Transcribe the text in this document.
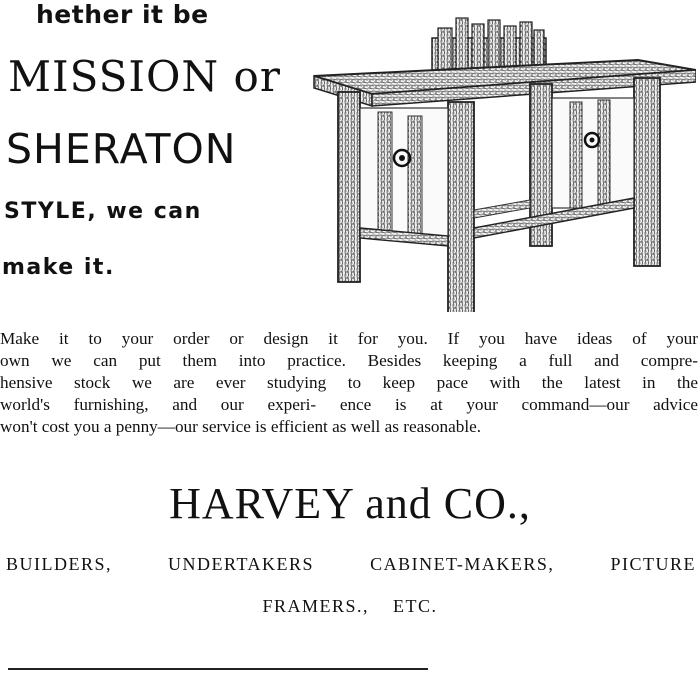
hether it be
MISSION or
SHERATON
STYLE, we can
make it.

Make it to your order or design it for you. If you have ideas of your
own we can put them into practice. Besides keeping a full and compre-
hensive stock we are ever studying to keep pace with the latest in the
world's furnishing, and our experi- ence is at your command—our advice
won't cost you a penny—our service is efficient as well as reasonable.

HARVEY and CO.,
BUILDERS,	UNDERTAKERS	CABINET-MAKERS,	PICTURE
FRAMERS., ETC.
